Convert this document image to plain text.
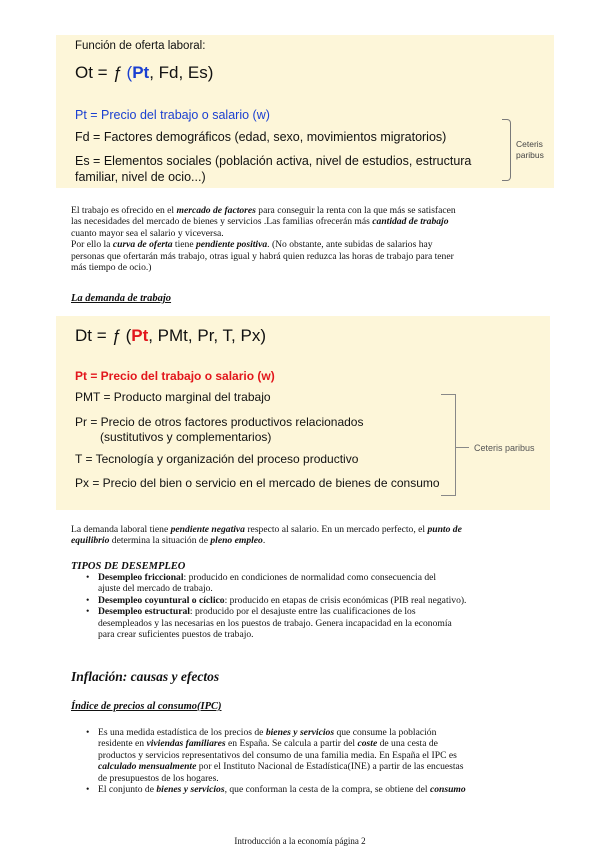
Función de oferta laboral:
Ot = ƒ (Pt, Fd, Es)
Pt = Precio del trabajo o salario (w)
Fd = Factores demográficos (edad, sexo, movimientos migratorios)
Es = Elementos sociales (población activa, nivel de estudios, estructura
familiar, nivel de ocio...)
Ceteris
paribus
El trabajo es ofrecido en el mercado de factores para conseguir la renta con la que más se satisfacen
las necesidades del mercado de bienes y servicios .Las familias ofrecerán más cantidad de trabajo
cuanto mayor sea el salario y viceversa.
Por ello la curva de oferta tiene pendiente positiva. (No obstante, ante subidas de salarios hay
personas que ofertarán más trabajo, otras igual y habrá quien reduzca las horas de trabajo para tener
más tiempo de ocio.)
La demanda de trabajo
Dt = ƒ (Pt, PMt, Pr, T, Px)
Pt = Precio del trabajo o salario (w)
PMT = Producto marginal del trabajo
Pr = Precio de otros factores productivos relacionados
(sustitutivos y complementarios)
T = Tecnología y organización del proceso productivo
Px = Precio del bien o servicio en el mercado de bienes de consumo
Ceteris paribus
La demanda laboral tiene pendiente negativa respecto al salario. En un mercado perfecto, el punto de
equilibrio determina la situación de pleno empleo.
TIPOS DE DESEMPLEO
• Desempleo friccional: producido en condiciones de normalidad como consecuencia del
ajuste del mercado de trabajo.
• Desempleo coyuntural o cíclico: producido en etapas de crisis económicas (PIB real negativo).
• Desempleo estructural: producido por el desajuste entre las cualificaciones de los
desempleados y las necesarias en los puestos de trabajo. Genera incapacidad en la economía
para crear suficientes puestos de trabajo.
Inflación: causas y efectos
Índice de precios al consumo(IPC)
• Es una medida estadística de los precios de bienes y servicios que consume la población
residente en viviendas familiares en España. Se calcula a partir del coste de una cesta de
productos y servicios representativos del consumo de una familia media. En España el IPC es
calculado mensualmente por el Instituto Nacional de Estadística(INE) a partir de las encuestas
de presupuestos de los hogares.
• El conjunto de bienes y servicios, que conforman la cesta de la compra, se obtiene del consumo
Introducción a la economía página 2
